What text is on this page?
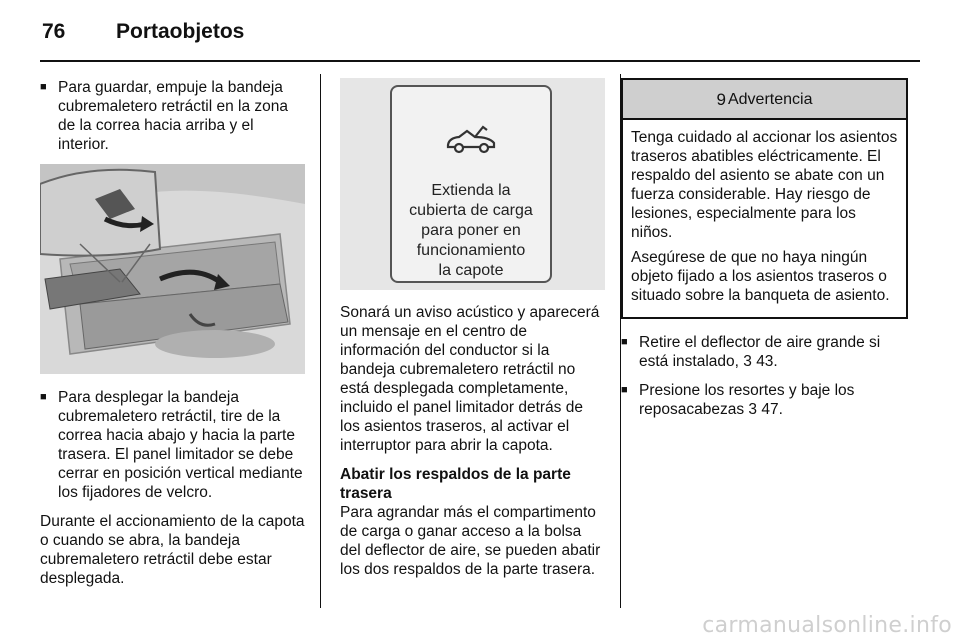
76 Portaobjetos
■ Para guardar, empuje la bandeja cubremaletero retráctil en la zona de la correa hacia arriba y el interior.
■ Para desplegar la bandeja cubremaletero retráctil, tire de la correa hacia abajo y hacia la parte trasera. El panel limitador se debe cerrar en posición vertical mediante los fijadores de velcro.

Durante el accionamiento de la capota o cuando se abra, la bandeja cubremaletero retráctil debe estar desplegada.

Extienda la
cubierta de carga
para poner en
funcionamiento
la capote

Sonará un aviso acústico y aparecerá un mensaje en el centro de información del conductor si la bandeja cubremaletero retráctil no está desplegada completamente, incluido el panel limitador detrás de los asientos traseros, al activar el interruptor para abrir la capota.

Abatir los respaldos de la parte trasera

Para agrandar más el compartimento de carga o ganar acceso a la bolsa del deflector de aire, se pueden abatir los dos respaldos de la parte trasera.

9 Advertencia

Tenga cuidado al accionar los asientos traseros abatibles eléctricamente. El respaldo del asiento se abate con un fuerza considerable. Hay riesgo de lesiones, especialmente para los niños.

Asegúrese de que no haya ningún objeto fijado a los asientos traseros o situado sobre la banqueta de asiento.

■ Retire el deflector de aire grande si está instalado, 3 43.
■ Presione los resortes y baje los reposacabezas 3 47.
carmanualsonline.info
